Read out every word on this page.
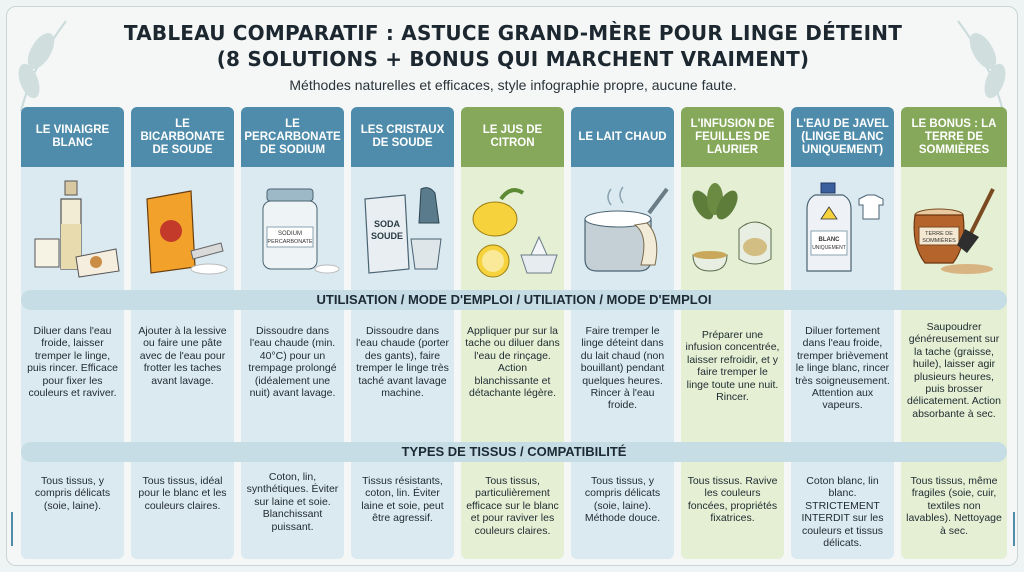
TABLEAU COMPARATIF : ASTUCE GRAND-MÈRE POUR LINGE DÉTEINT
(8 SOLUTIONS + BONUS QUI MARCHENT VRAIMENT)
Méthodes naturelles et efficaces, style infographie propre, aucune faute.
LE VINAIGRE BLANC
Diluer dans l'eau froide, laisser tremper le linge, puis rincer. Efficace pour fixer les couleurs et raviver.
Tous tissus, y compris délicats (soie, laine).
LE BICARBONATE DE SOUDE
Ajouter à la lessive ou faire une pâte avec de l'eau pour frotter les taches avant lavage.
Tous tissus, idéal pour le blanc et les couleurs claires.
LE PERCARBONATE DE SODIUM
SODIUM
PERCARBONATE
Dissoudre dans l'eau chaude (min. 40°C) pour un trempage prolongé (idéalement une nuit) avant lavage.
Coton, lin, synthétiques. Éviter sur laine et soie. Blanchissant puissant.
LES CRISTAUX DE SOUDE
SODA
SOUDE
Dissoudre dans l'eau chaude (porter des gants), faire tremper le linge très taché avant lavage machine.
Tissus résistants, coton, lin. Éviter laine et soie, peut être agressif.
LE JUS DE CITRON
Appliquer pur sur la tache ou diluer dans l'eau de rinçage. Action blanchissante et détachante légère.
Tous tissus, particulièrement efficace sur le blanc et pour raviver les couleurs claires.
LE LAIT CHAUD
Faire tremper le linge déteint dans du lait chaud (non bouillant) pendant quelques heures. Rincer à l'eau froide.
Tous tissus, y compris délicats (soie, laine). Méthode douce.
L'INFUSION DE FEUILLES DE LAURIER
Préparer une infusion concentrée, laisser refroidir, et y faire tremper le linge toute une nuit. Rincer.
Tous tissus. Ravive les couleurs foncées, propriétés fixatrices.
L'EAU DE JAVEL (LINGE BLANC UNIQUEMENT)
BLANC
UNIQUEMENT
Diluer fortement dans l'eau froide, tremper brièvement le linge blanc, rincer très soigneusement. Attention aux vapeurs.
Coton blanc, lin blanc. STRICTEMENT INTERDIT sur les couleurs et tissus délicats.
LE BONUS : LA TERRE DE SOMMIÈRES
TERRE DE
SOMMIÈRES
Saupoudrer généreusement sur la tache (graisse, huile), laisser agir plusieurs heures, puis brosser délicatement. Action absorbante à sec.
Tous tissus, même fragiles (soie, cuir, textiles non lavables). Nettoyage à sec.
UTILISATION / MODE D'EMPLOI / UTILIATION / MODE D'EMPLOI
TYPES DE TISSUS / COMPATIBILITÉ
